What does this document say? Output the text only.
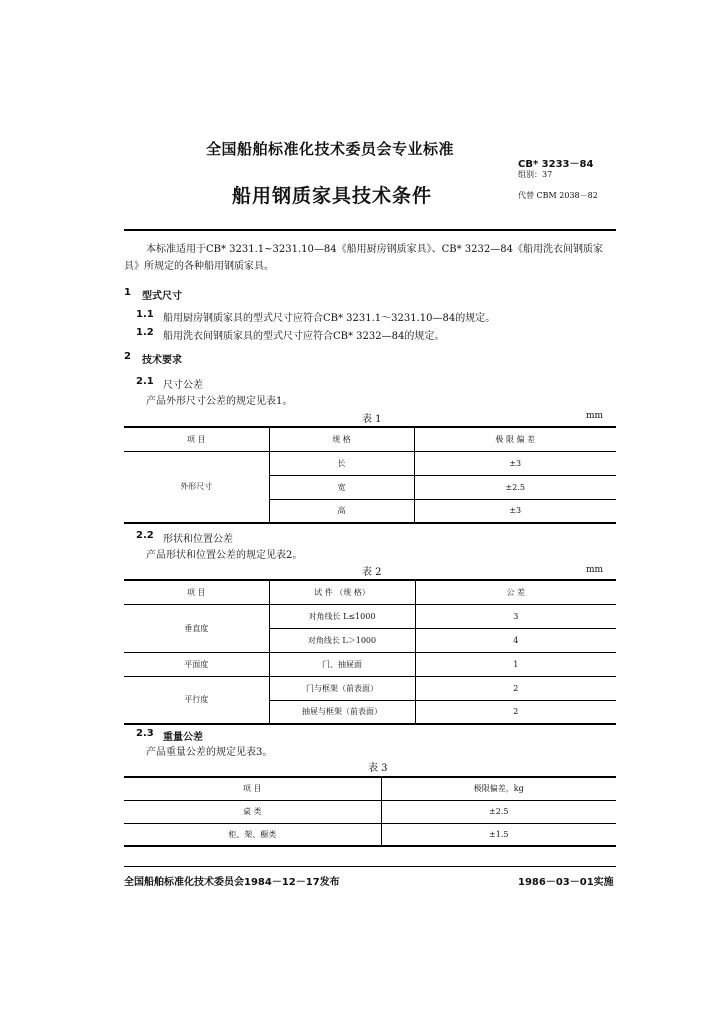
全国船舶标准化技术委员会专业标准
CB* 3233－84
组别：37
船用钢质家具技术条件	代替 CBM 2038－82
本标准适用于CB* 3231.1~3231.10—84《船用厨房钢质家具》、CB* 3232—84《船用洗衣间钢质家具》所规定的各种船用钢质家具。
1 型式尺寸
1.1 船用厨房钢质家具的型式尺寸应符合CB* 3231.1～3231.10—84的规定。
1.2 船用洗衣间钢质家具的型式尺寸应符合CB* 3232—84的规定。
2 技术要求
2.1 尺寸公差
产品外形尺寸公差的规定见表1。
表 1	mm
项 目	规 格	极 限 偏 差
外形尺寸	长	±3
	宽	±2.5
	高	±3
2.2 形状和位置公差
产品形状和位置公差的规定见表2。
表 2	mm
项 目	试 件 （规 格）	公 差
垂直度	对角线长 L≤1000	3
	对角线长 L＞1000	4
平面度	门、抽屉面	1
平行度	门与框架（前表面）	2
	抽屉与框架（前表面）	2
2.3 重量公差
产品重量公差的规定见表3。
表 3
项 目	极限偏差，kg
桌 类	±2.5
柜、架、橱类	±1.5
全国船舶标准化技术委员会1984－12－17发布	1986－03－01实施
